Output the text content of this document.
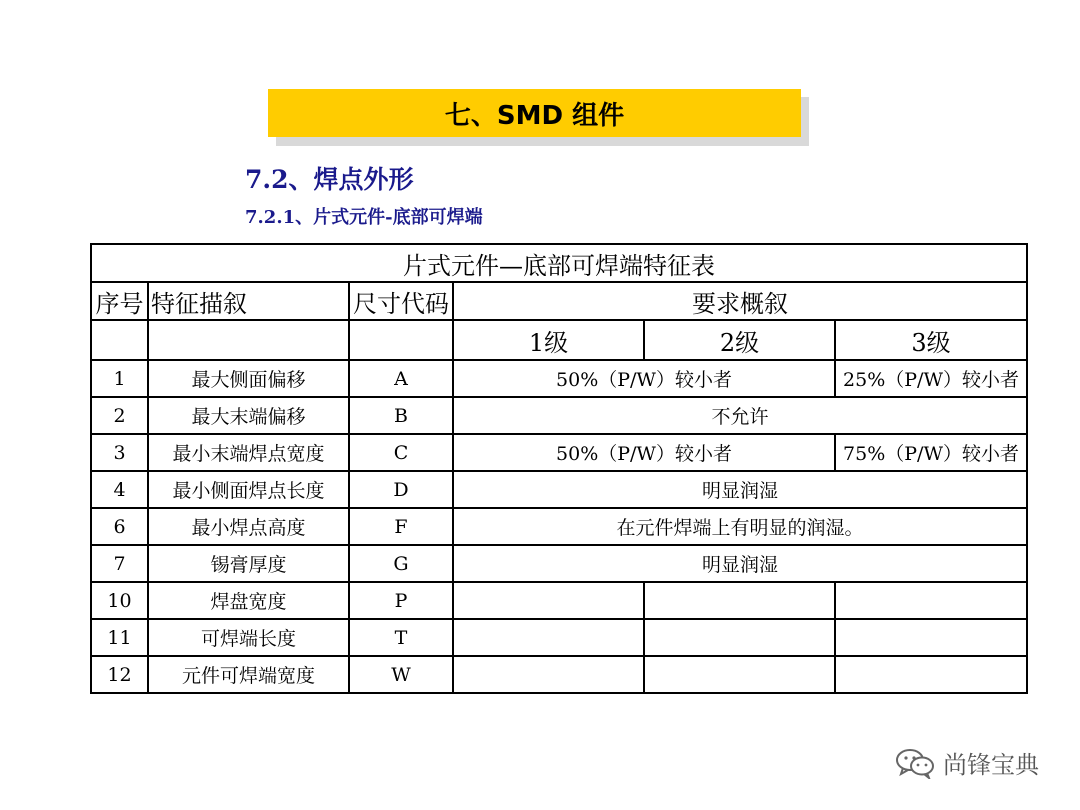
七、SMD 组件
7.2、焊点外形
7.2.1、片式元件-底部可焊端
片式元件—底部可焊端特征表					
序号	特征描叙	尺寸代码	要求概叙		
			1级	2级	3级
1	最大侧面偏移	A	50%（P/W）较小者		25%（P/W）较小者
2	最大末端偏移	B	不允许		
3	最小末端焊点宽度	C	50%（P/W）较小者		75%（P/W）较小者
4	最小侧面焊点长度	D	明显润湿		
6	最小焊点高度	F	在元件焊端上有明显的润湿。		
7	锡膏厚度	G	明显润湿		
10	焊盘宽度	P			
11	可焊端长度	T			
12	元件可焊端宽度	W			
尚锋宝典
